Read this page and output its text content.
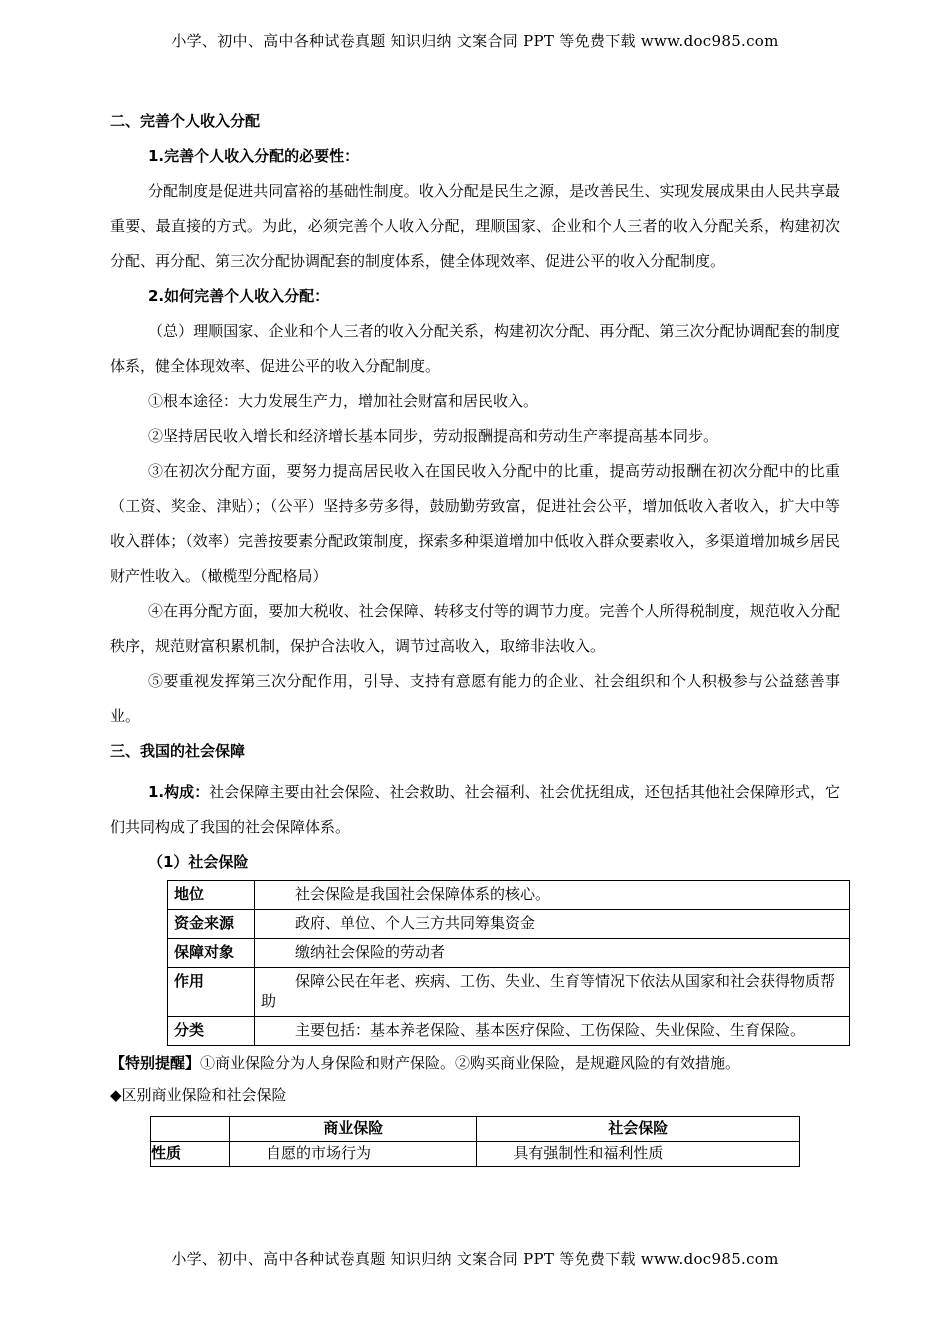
小学、初中、高中各种试卷真题 知识归纳 文案合同 PPT 等免费下载 www.doc985.com

二、完善个人收入分配

1.完善个人收入分配的必要性：

分配制度是促进共同富裕的基础性制度。收入分配是民生之源，是改善民生、实现发展成果由人民共享最重要、最直接的方式。为此，必须完善个人收入分配，理顺国家、企业和个人三者的收入分配关系，构建初次分配、再分配、第三次分配协调配套的制度体系，健全体现效率、促进公平的收入分配制度。

2.如何完善个人收入分配：

（总）理顺国家、企业和个人三者的收入分配关系，构建初次分配、再分配、第三次分配协调配套的制度体系，健全体现效率、促进公平的收入分配制度。

①根本途径：大力发展生产力，增加社会财富和居民收入。

②坚持居民收入增长和经济增长基本同步，劳动报酬提高和劳动生产率提高基本同步。

③在初次分配方面，要努力提高居民收入在国民收入分配中的比重，提高劳动报酬在初次分配中的比重（工资、奖金、津贴）；（公平）坚持多劳多得，鼓励勤劳致富，促进社会公平，增加低收入者收入，扩大中等收入群体；（效率）完善按要素分配政策制度，探索多种渠道增加中低收入群众要素收入，多渠道增加城乡居民财产性收入。（橄榄型分配格局）

④在再分配方面，要加大税收、社会保障、转移支付等的调节力度。完善个人所得税制度，规范收入分配秩序，规范财富积累机制，保护合法收入，调节过高收入，取缔非法收入。

⑤要重视发挥第三次分配作用，引导、支持有意愿有能力的企业、社会组织和个人积极参与公益慈善事业。

三、我国的社会保障

1.构成：社会保障主要由社会保险、社会救助、社会福利、社会优抚组成，还包括其他社会保障形式，它们共同构成了我国的社会保障体系。

（1）社会保险

地位	社会保险是我国社会保障体系的核心。
资金来源	政府、单位、个人三方共同筹集资金
保障对象	缴纳社会保险的劳动者
作用	保障公民在年老、疾病、工伤、失业、生育等情况下依法从国家和社会获得物质帮助
分类	主要包括：基本养老保险、基本医疗保险、工伤保险、失业保险、生育保险。

【特别提醒】①商业保险分为人身保险和财产保险。②购买商业保险，是规避风险的有效措施。

◆区别商业保险和社会保险

	商业保险	社会保险
性质	自愿的市场行为	具有强制性和福利性质
小学、初中、高中各种试卷真题 知识归纳 文案合同 PPT 等免费下载 www.doc985.com
